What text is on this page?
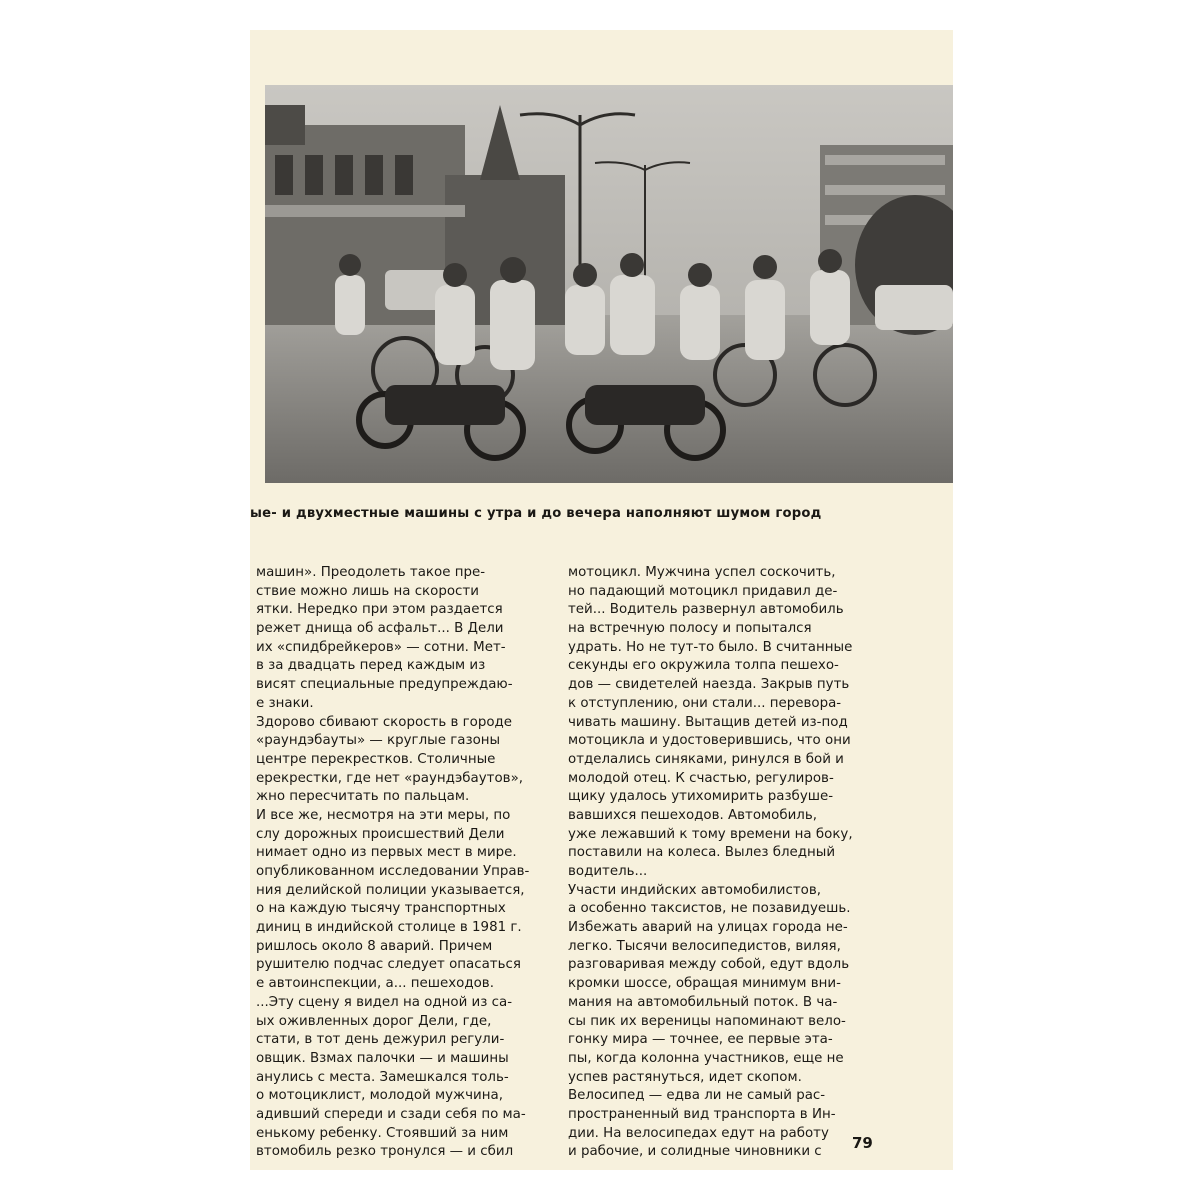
ые- и двухместные машины с утра и до вечера наполняют шумом город
машин». Преодолеть такое пре-
ствие можно лишь на скорости
ятки. Нередко при этом раздается
режет днища об асфальт... В Дели
их «спидбрейкеров» — сотни. Мет-
в за двадцать перед каждым из
висят специальные предупреждаю-
е знаки.
Здорово сбивают скорость в городе
«раундэбауты» — круглые газоны
центре перекрестков. Столичные
ерекрестки, где нет «раундэбаутов»,
жно пересчитать по пальцам.
И все же, несмотря на эти меры, по
слу дорожных происшествий Дели
нимает одно из первых мест в мире.
опубликованном исследовании Управ-
ния делийской полиции указывается,
о на каждую тысячу транспортных
диниц в индийской столице в 1981 г.
ришлось около 8 аварий. Причем
рушителю подчас следует опасаться
е автоинспекции, а... пешеходов.
...Эту сцену я видел на одной из са-
ых оживленных дорог Дели, где,
стати, в тот день дежурил регули-
овщик. Взмах палочки — и машины
анулись с места. Замешкался толь-
о мотоциклист, молодой мужчина,
адивший спереди и сзади себя по ма-
енькому ребенку. Стоявший за ним
втомобиль резко тронулся — и сбил
мотоцикл. Мужчина успел соскочить,
но падающий мотоцикл придавил де-
тей... Водитель развернул автомобиль
на встречную полосу и попытался
удрать. Но не тут-то было. В считанные
секунды его окружила толпа пешехо-
дов — свидетелей наезда. Закрыв путь
к отступлению, они стали... перевора-
чивать машину. Вытащив детей из-под
мотоцикла и удостоверившись, что они
отделались синяками, ринулся в бой и
молодой отец. К счастью, регулиров-
щику удалось утихомирить разбуше-
вавшихся пешеходов. Автомобиль,
уже лежавший к тому времени на боку,
поставили на колеса. Вылез бледный
водитель...
Участи индийских автомобилистов,
а особенно таксистов, не позавидуешь.
Избежать аварий на улицах города не-
легко. Тысячи велосипедистов, виляя,
разговаривая между собой, едут вдоль
кромки шоссе, обращая минимум вни-
мания на автомобильный поток. В ча-
сы пик их вереницы напоминают вело-
гонку мира — точнее, ее первые эта-
пы, когда колонна участников, еще не
успев растянуться, идет скопом.
Велосипед — едва ли не самый рас-
пространенный вид транспорта в Ин-
дии. На велосипедах едут на работу
и рабочие, и солидные чиновники с	79
